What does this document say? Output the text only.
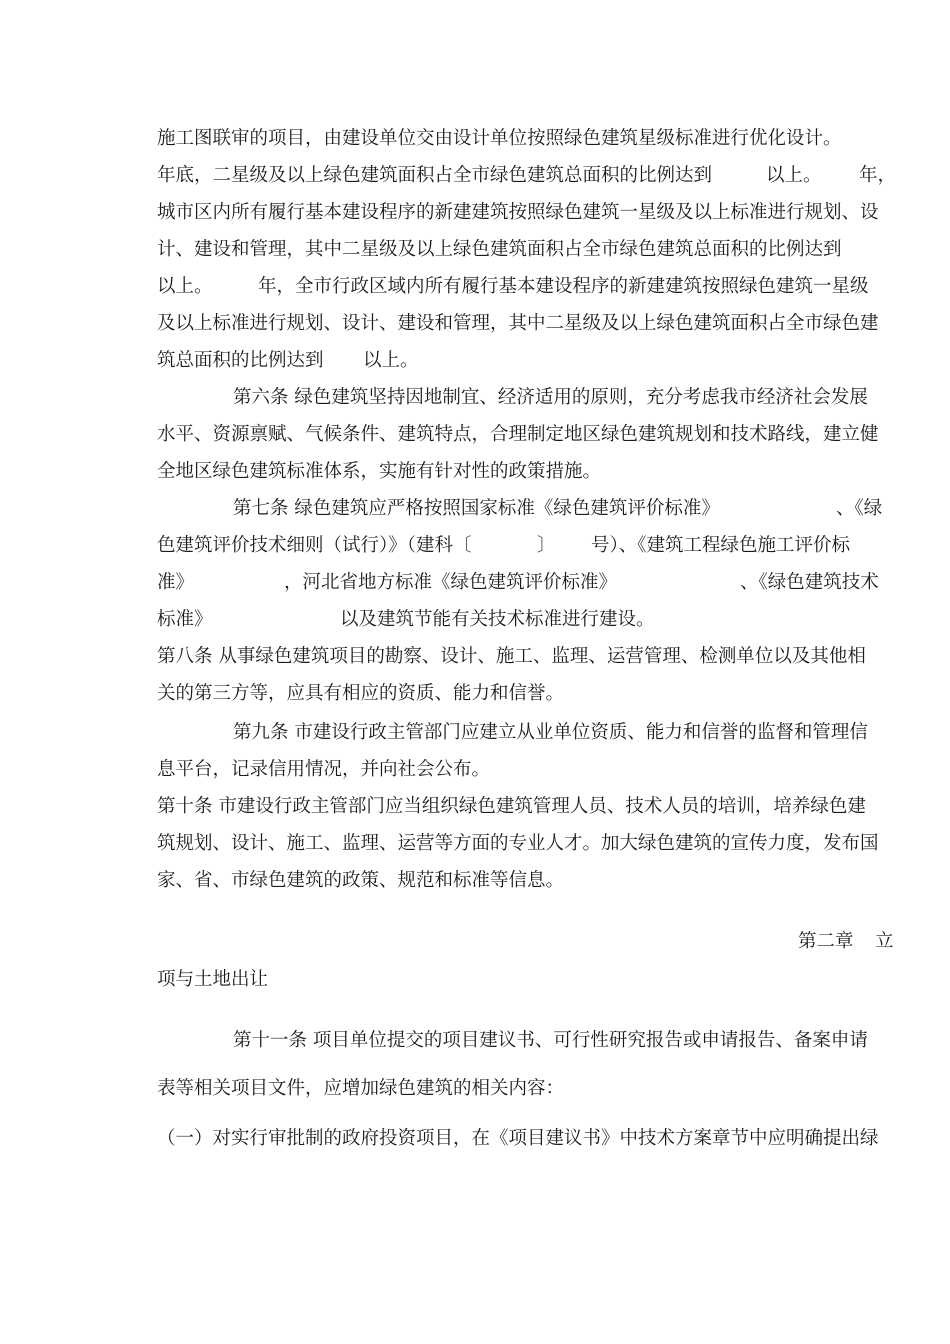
施工图联审的项目，由建设单位交由设计单位按照绿色建筑星级标准进行优化设计。
年底，二星级及以上绿色建筑面积占全市绿色建筑总面积的比例达到	以上。 年，
城市区内所有履行基本建设程序的新建建筑按照绿色建筑一星级及以上标准进行规划、设
计、建设和管理，其中二星级及以上绿色建筑面积占全市绿色建筑总面积的比例达到
以上。 年，全市行政区域内所有履行基本建设程序的新建建筑按照绿色建筑一星级
及以上标准进行规划、设计、建设和管理，其中二星级及以上绿色建筑面积占全市绿色建
筑总面积的比例达到 以上。
第六条 绿色建筑坚持因地制宜、经济适用的原则，充分考虑我市经济社会发展
水平、资源禀赋、气候条件、建筑特点，合理制定地区绿色建筑规划和技术路线，建立健
全地区绿色建筑标准体系，实施有针对性的政策措施。
第七条 绿色建筑应严格按照国家标准《绿色建筑评价标准》	、《绿
色建筑评价技术细则（试行）》（建科〔	〕 号）、《建筑工程绿色施工评价标
准》	，河北省地方标准《绿色建筑评价标准》	、《绿色建筑技术
标准》	以及建筑节能有关技术标准进行建设。
第八条 从事绿色建筑项目的勘察、设计、施工、监理、运营管理、检测单位以及其他相
关的第三方等，应具有相应的资质、能力和信誉。
第九条 市建设行政主管部门应建立从业单位资质、能力和信誉的监督和管理信
息平台，记录信用情况，并向社会公布。
第十条 市建设行政主管部门应当组织绿色建筑管理人员、技术人员的培训，培养绿色建
筑规划、设计、施工、监理、运营等方面的专业人才。加大绿色建筑的宣传力度，发布国
家、省、市绿色建筑的政策、规范和标准等信息。
第二章 立
项与土地出让
第十一条 项目单位提交的项目建议书、可行性研究报告或申请报告、备案申请
表等相关项目文件，应增加绿色建筑的相关内容：
（一）对实行审批制的政府投资项目，在《项目建议书》中技术方案章节中应明确提出绿
